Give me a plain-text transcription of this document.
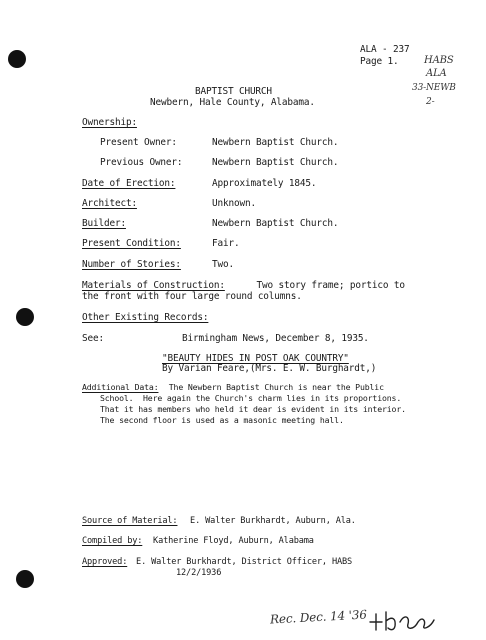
ALA - 237
Page 1.	HABS
ALA
33-NEWB
2-
BAPTIST CHURCH
Newbern, Hale County, Alabama.
Ownership:
Present Owner:	Newbern Baptist Church.
Previous Owner:	Newbern Baptist Church.
Date of Erection:	Approximately 1845.
Architect:	Unknown.
Builder:	Newbern Baptist Church.
Present Condition:	Fair.
Number of Stories:	Two.
Materials of Construction: Two story frame; portico to
the front with four large round columns.
Other Existing Records:
See:	Birmingham News, December 8, 1935.
"BEAUTY HIDES IN POST OAK COUNTRY"
By Varian Feare,(Mrs. E. W. Burghardt,)
Additional Data: The Newbern Baptist Church is near the Public
School.  Here again the Church's charm lies in its proportions.
That it has members who held it dear is evident in its interior.
The second floor is used as a masonic meeting hall.
Source of Material: E. Walter Burkhardt, Auburn, Ala.
Compiled by: Katherine Floyd, Auburn, Alabama
Approved:
E. Walter Burkhardt, District Officer, HABS
12/2/1936
Rec. Dec. 14 '36
